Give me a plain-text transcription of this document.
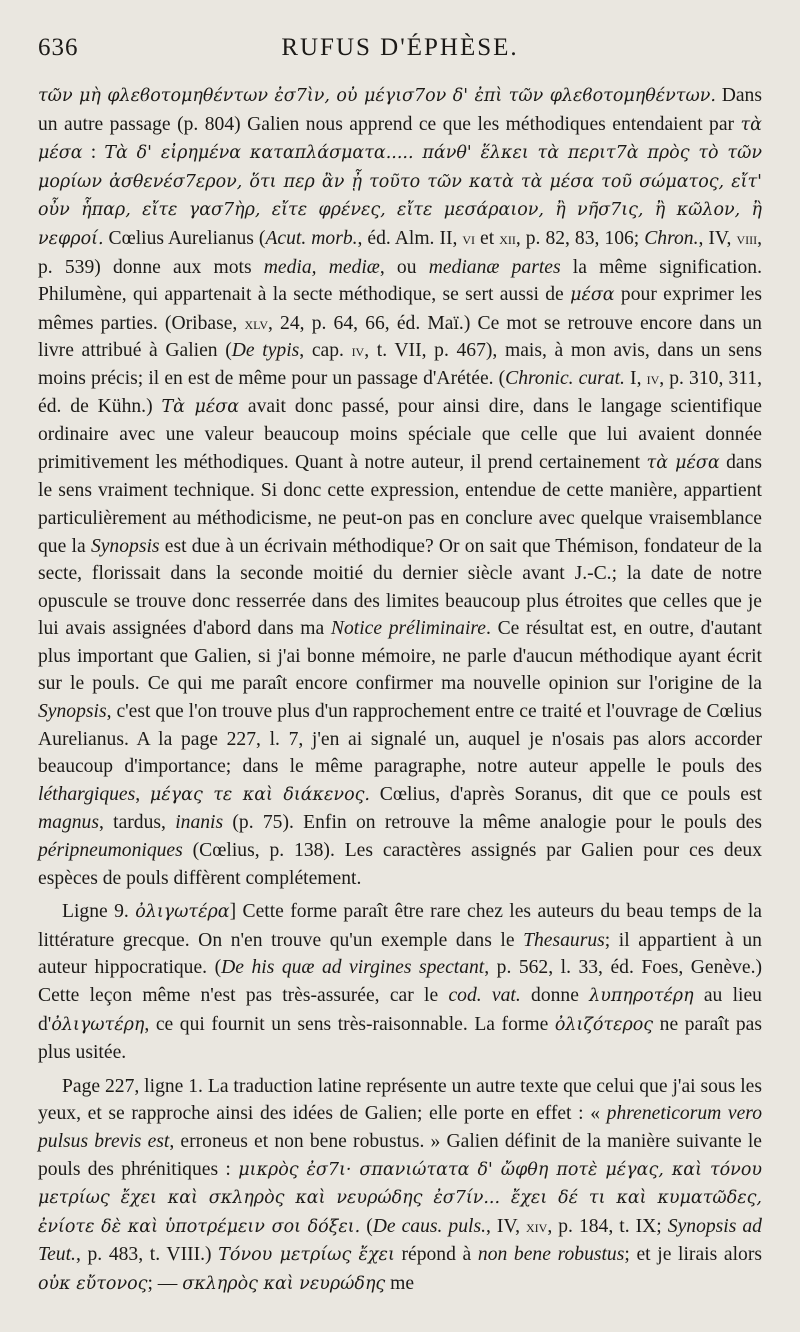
636	RUFUS D'ÉPHÈSE.

τῶν μὴ φλεϐοτομηθέντων ἐσ7ὶν, οὐ μέγισ7ον δ' ἐπὶ τῶν φλεϐοτομηθέντων. Dans un autre passage (p. 804) Galien nous apprend ce que les méthodiques entendaient par τὰ μέσα : Τὰ δ' εἰρημένα καταπλάσματα..... πάνθ' ἕλκει τὰ περιτ7ὰ πρὸς τὸ τῶν μορίων ἀσθενέσ7ερον, ὅτι περ ἂν ᾖ τοῦτο τῶν κατὰ τὰ μέσα τοῦ σώματος, εἴτ' οὖν ἧπαρ, εἴτε γασ7ὴρ, εἴτε φρένες, εἴτε μεσάραιον, ἢ νῆσ7ις, ἢ κῶλον, ἢ νεφροί. Cœlius Aurelianus (Acut. morb., éd. Alm. II, vi et xii, p. 82, 83, 106; Chron., IV, viii, p. 539) donne aux mots media, mediæ, ou medianæ partes la même signification. Philumène, qui appartenait à la secte méthodique, se sert aussi de μέσα pour exprimer les mêmes parties. (Oribase, xlv, 24, p. 64, 66, éd. Maï.) Ce mot se retrouve encore dans un livre attribué à Galien (De typis, cap. iv, t. VII, p. 467), mais, à mon avis, dans un sens moins précis; il en est de même pour un passage d'Arétée. (Chronic. curat. I, iv, p. 310, 311, éd. de Kühn.) Τὰ μέσα avait donc passé, pour ainsi dire, dans le langage scientifique ordinaire avec une valeur beaucoup moins spéciale que celle que lui avaient donnée primitivement les méthodiques. Quant à notre auteur, il prend certainement τὰ μέσα dans le sens vraiment technique. Si donc cette expression, entendue de cette manière, appartient particulièrement au méthodicisme, ne peut-on pas en conclure avec quelque vraisemblance que la Synopsis est due à un écrivain méthodique? Or on sait que Thémison, fondateur de la secte, florissait dans la seconde moitié du dernier siècle avant J.-C.; la date de notre opuscule se trouve donc resserrée dans des limites beaucoup plus étroites que celles que je lui avais assignées d'abord dans ma Notice préliminaire. Ce résultat est, en outre, d'autant plus important que Galien, si j'ai bonne mémoire, ne parle d'aucun méthodique ayant écrit sur le pouls. Ce qui me paraît encore confirmer ma nouvelle opinion sur l'origine de la Synopsis, c'est que l'on trouve plus d'un rapprochement entre ce traité et l'ouvrage de Cœlius Aurelianus. A la page 227, l. 7, j'en ai signalé un, auquel je n'osais pas alors accorder beaucoup d'importance; dans le même paragraphe, notre auteur appelle le pouls des léthargiques, μέγας τε καὶ διάκενος. Cœlius, d'après Soranus, dit que ce pouls est magnus, tardus, inanis (p. 75). Enfin on retrouve la même analogie pour le pouls des péripneumoniques (Cœlius, p. 138). Les caractères assignés par Galien pour ces deux espèces de pouls diffèrent complétement.

Ligne 9. ὀλιγωτέρα] Cette forme paraît être rare chez les auteurs du beau temps de la littérature grecque. On n'en trouve qu'un exemple dans le Thesaurus; il appartient à un auteur hippocratique. (De his quæ ad virgines spectant, p. 562, l. 33, éd. Foes, Genève.) Cette leçon même n'est pas très-assurée, car le cod. vat. donne λυπηροτέρη au lieu d'ὀλιγωτέρη, ce qui fournit un sens très-raisonnable. La forme ὀλιζότερος ne paraît pas plus usitée.

Page 227, ligne 1. La traduction latine représente un autre texte que celui que j'ai sous les yeux, et se rapproche ainsi des idées de Galien; elle porte en effet : « phreneticorum vero pulsus brevis est, erroneus et non bene robustus. » Galien définit de la manière suivante le pouls des phrénitiques : μικρὸς ἐσ7ι· σπανιώτατα δ' ὤφθη ποτὲ μέγας, καὶ τόνου μετρίως ἔχει καὶ σκληρὸς καὶ νευρώδης ἐσ7ίν... ἔχει δέ τι καὶ κυματῶδες, ἐνίοτε δὲ καὶ ὑποτρέμειν σοι δόξει. (De caus. puls., IV, xiv, p. 184, t. IX; Synopsis ad Teut., p. 483, t. VIII.) Τόνου μετρίως ἔχει répond à non bene robustus; et je lirais alors οὐκ εὔτονος; — σκληρὸς καὶ νευρώδης me
